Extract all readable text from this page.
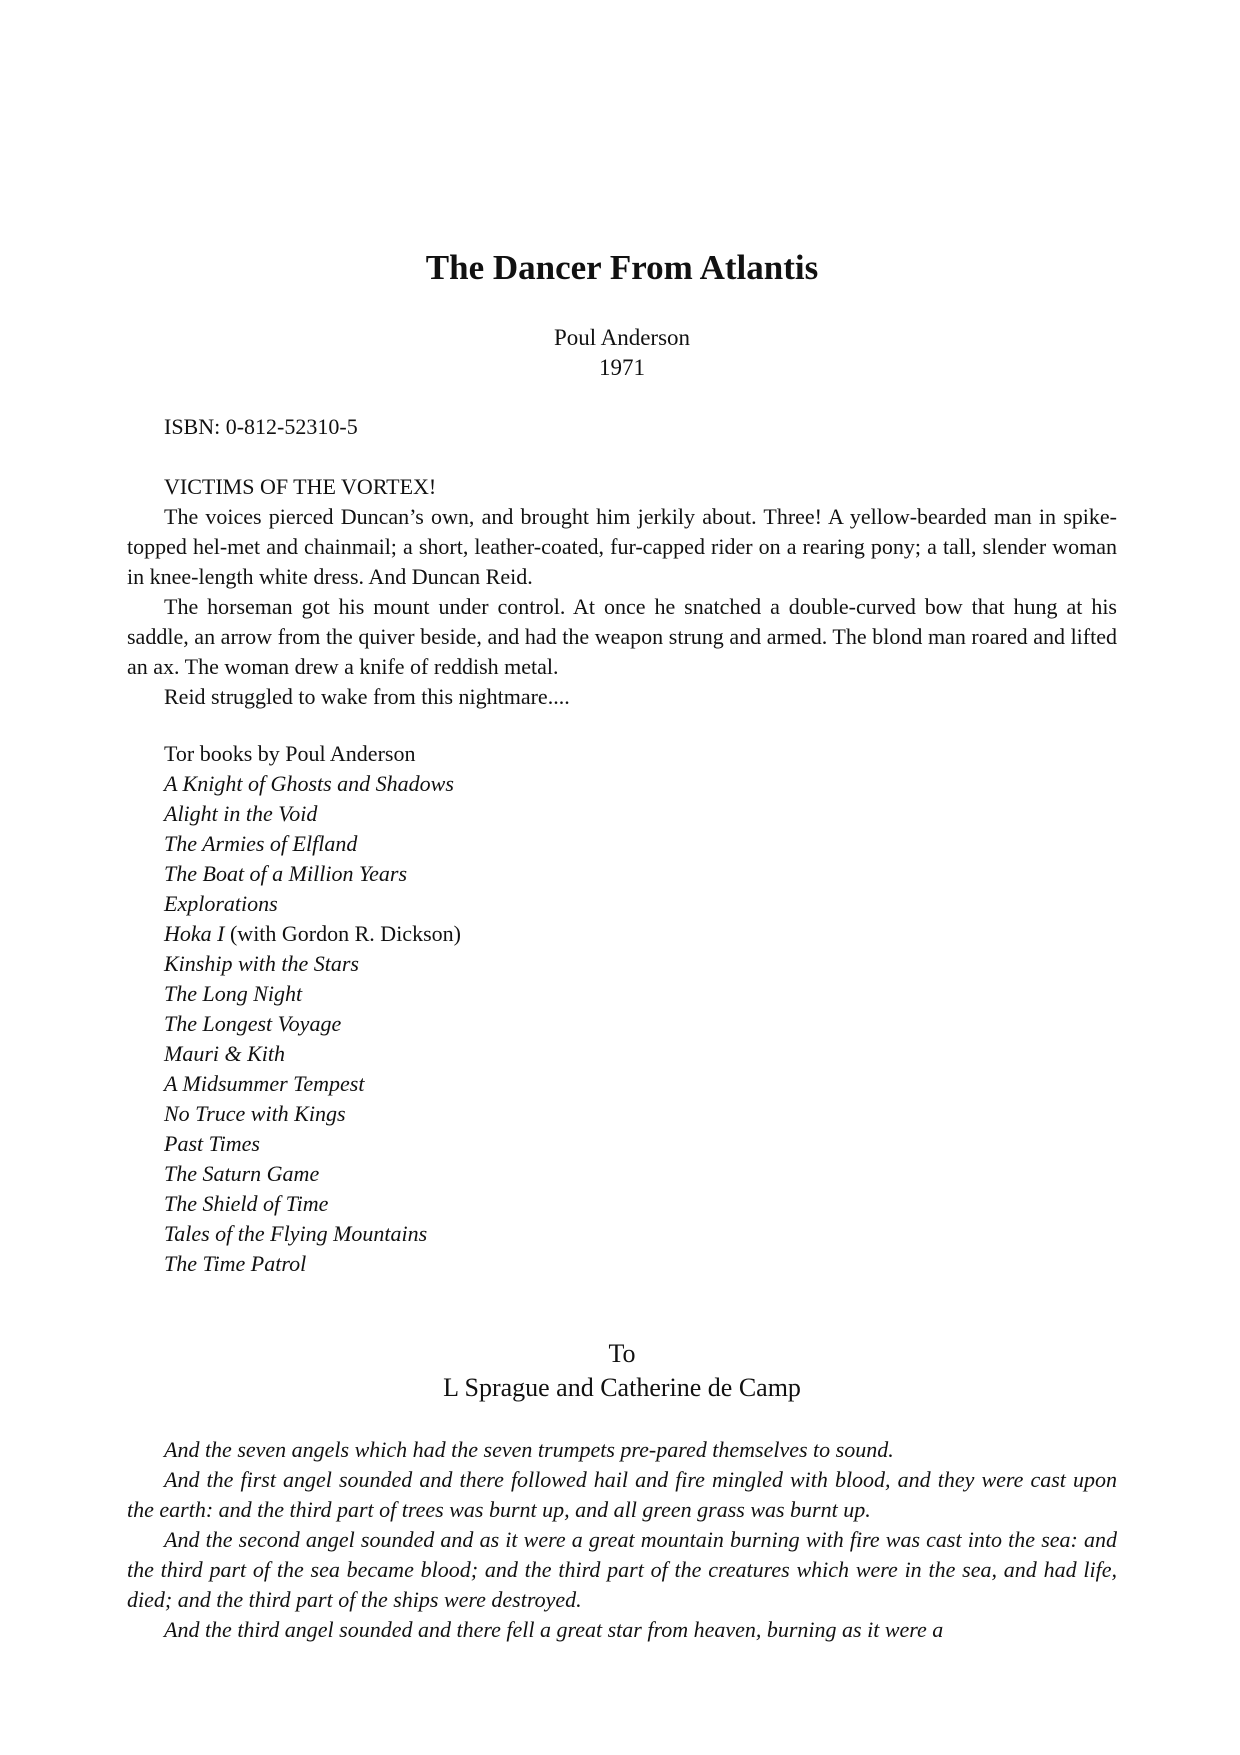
The Dancer From Atlantis
Poul Anderson
1971
ISBN: 0-812-52310-5

VICTIMS OF THE VORTEX!

The voices pierced Duncan’s own, and brought him jerkily about. Three! A yellow-bearded man in spike-topped hel-met and chainmail; a short, leather-coated, fur-capped rider on a rearing pony; a tall, slender woman in knee-length white dress. And Duncan Reid.

The horseman got his mount under control. At once he snatched a double-curved bow that hung at his saddle, an arrow from the quiver beside, and had the weapon strung and armed. The blond man roared and lifted an ax. The woman drew a knife of reddish metal.

Reid struggled to wake from this nightmare....

Tor books by Poul Anderson
A Knight of Ghosts and Shadows
Alight in the Void
The Armies of Elfland
The Boat of a Million Years
Explorations
Hoka I (with Gordon R. Dickson)
Kinship with the Stars
The Long Night
The Longest Voyage
Mauri & Kith
A Midsummer Tempest
No Truce with Kings
Past Times
The Saturn Game
The Shield of Time
Tales of the Flying Mountains
The Time Patrol
To
L Sprague and Catherine de Camp

And the seven angels which had the seven trumpets pre-pared themselves to sound.

And the first angel sounded and there followed hail and fire mingled with blood, and they were cast upon the earth: and the third part of trees was burnt up, and all green grass was burnt up.

And the second angel sounded and as it were a great mountain burning with fire was cast into the sea: and the third part of the sea became blood; and the third part of the creatures which were in the sea, and had life, died; and the third part of the ships were destroyed.

And the third angel sounded and there fell a great star from heaven, burning as it were a
